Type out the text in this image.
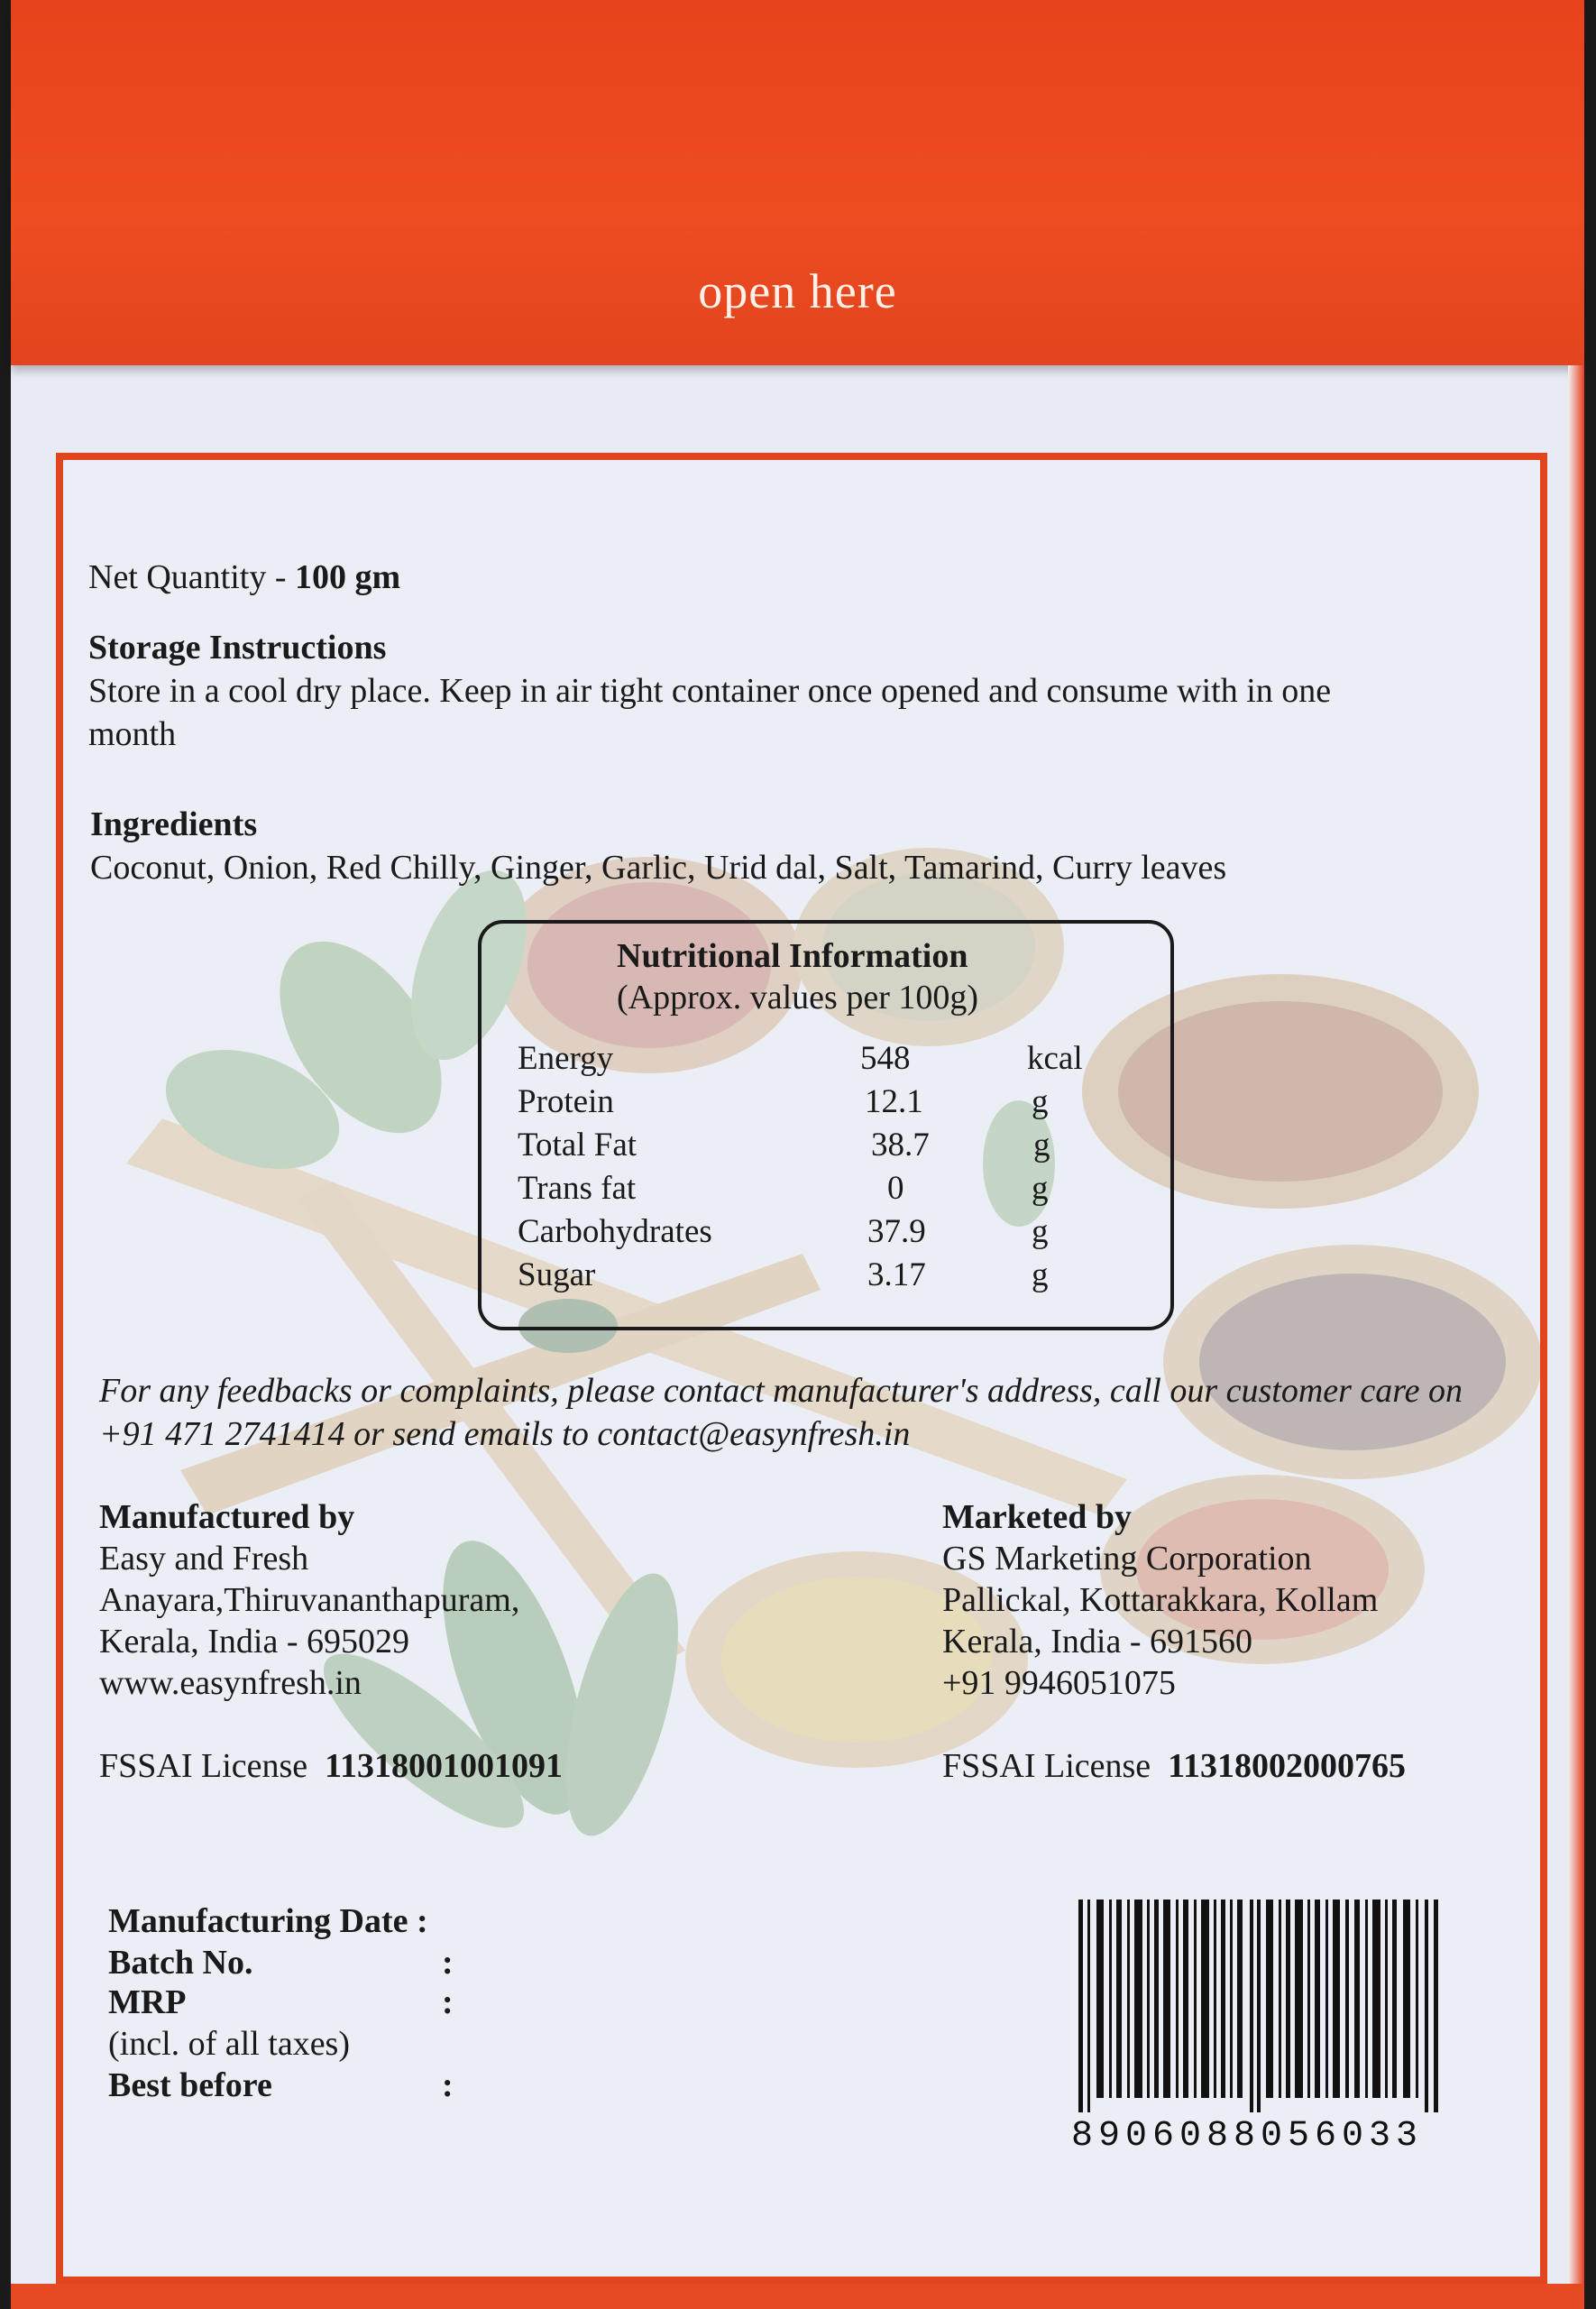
open here
Net Quantity - 100 gm
Storage Instructions
Store in a cool dry place. Keep in air tight container once opened and consume with in one
month
Ingredients
Coconut, Onion, Red Chilly, Ginger, Garlic, Urid dal, Salt, Tamarind, Curry leaves
Nutritional Information
(Approx. values per 100g)
Energy	548	kcal
Protein	12.1	g
Total Fat	38.7	g
Trans fat	0	g
Carbohydrates	37.9	g
Sugar	3.17	g
For any feedbacks or complaints, please contact manufacturer's address, call our customer care on
+91 471 2741414 or send emails to contact@easynfresh.in
Manufactured by
Easy and Fresh
Anayara,Thiruvananthapuram,
Kerala, India - 695029
www.easynfresh.in
FSSAI License 11318001001091
Marketed by
GS Marketing Corporation
Pallickal, Kottarakkara, Kollam
Kerala, India - 691560
+91 9946051075
FSSAI License 11318002000765
Manufacturing Date :
Batch No.	:
MRP	:
(incl. of all taxes)
Best before	:
8906088056033
